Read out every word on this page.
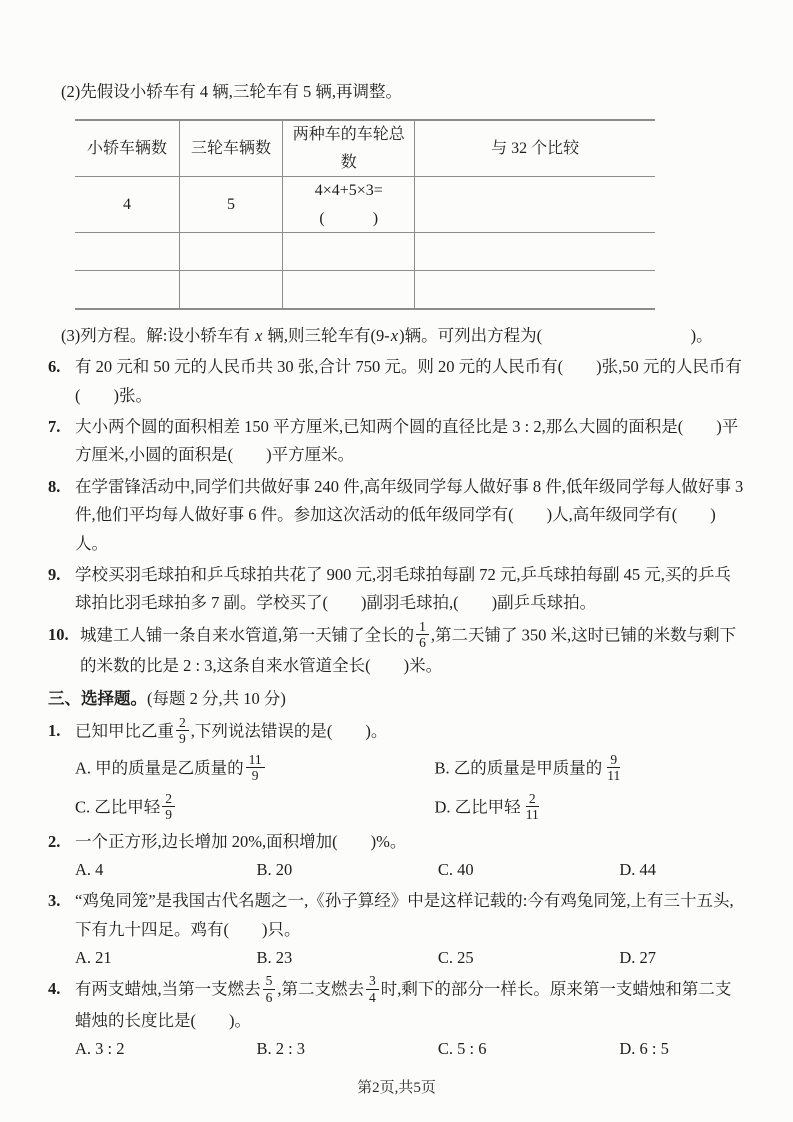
(2)先假设小轿车有 4 辆,三轮车有 5 辆,再调整。
小轿车辆数	三轮车辆数	两种车的车轮总数	与 32 个比较
4	5	4×4+5×3=(　　　)	

(3)列方程。解:设小轿车有 x 辆,则三轮车有(9-x)辆。可列出方程为(　　　　　　　　　)。
6. 有 20 元和 50 元的人民币共 30 张,合计 750 元。则 20 元的人民币有(　　)张,50 元的人民币有(　　)张。
7. 大小两个圆的面积相差 150 平方厘米,已知两个圆的直径比是 3 : 2,那么大圆的面积是(　　)平方厘米,小圆的面积是(　　)平方厘米。
8. 在学雷锋活动中,同学们共做好事 240 件,高年级同学每人做好事 8 件,低年级同学每人做好事 3 件,他们平均每人做好事 6 件。参加这次活动的低年级同学有(　　)人,高年级同学有(　　)人。
9. 学校买羽毛球拍和乒乓球拍共花了 900 元,羽毛球拍每副 72 元,乒乓球拍每副 45 元,买的乒乓球拍比羽毛球拍多 7 副。学校买了(　　)副羽毛球拍,(　　)副乒乓球拍。
10. 城建工人铺一条自来水管道,第一天铺了全长的 $\frac{1}{6}$ ,第二天铺了 350 米,这时已铺的米数与剩下的米数的比是 2 : 3,这条自来水管道全长(　　)米。
三、选择题。(每题 2 分,共 10 分)
1. 已知甲比乙重 $\frac{2}{9}$ ,下列说法错误的是(　　)。
A. 甲的质量是乙质量的 $\frac{11}{9}$	B. 乙的质量是甲质量的 $\frac{9}{11}$
C. 乙比甲轻 $\frac{2}{9}$	D. 乙比甲轻 $\frac{2}{11}$
2. 一个正方形,边长增加 20%,面积增加(　　)%。
A. 4	B. 20	C. 40	D. 44
3. “鸡兔同笼”是我国古代名题之一,《孙子算经》中是这样记载的:今有鸡兔同笼,上有三十五头,下有九十四足。鸡有(　　)只。
A. 21	B. 23	C. 25	D. 27
4. 有两支蜡烛,当第一支燃去 $\frac{5}{6}$ ,第二支燃去 $\frac{3}{4}$ 时,剩下的部分一样长。原来第一支蜡烛和第二支蜡烛的长度比是(　　)。
A. 3 : 2	B. 2 : 3	C. 5 : 6	D. 6 : 5
第2页,共5页
